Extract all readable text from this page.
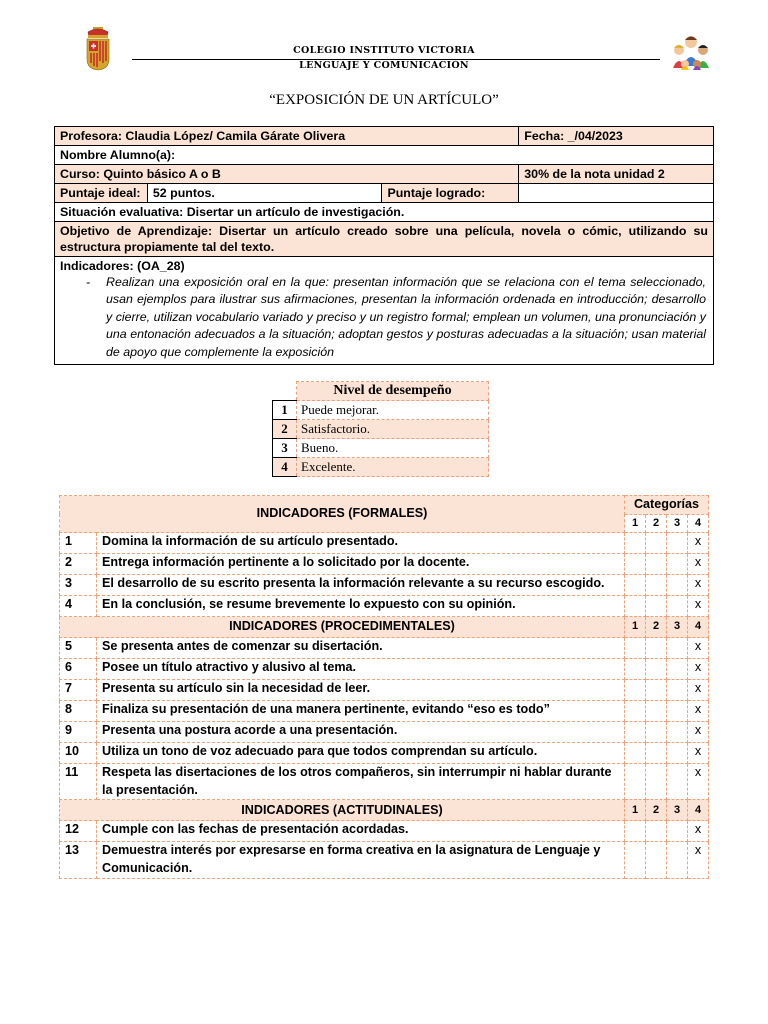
COLEGIO INSTITUTO VICTORIA
LENGUAJE Y COMUNICACIÓN
“EXPOSICIÓN DE UN ARTÍCULO”
Profesora: Claudia López/ Camila Gárate Olivera			Fecha: _/04/2023
Nombre Alumno(a):			
Curso: Quinto básico A o B			30% de la nota unidad 2
Puntaje ideal:	52 puntos.	Puntaje logrado:	
Situación evaluativa: Disertar un artículo de investigación.			
Objetivo de Aprendizaje: Disertar un artículo creado sobre una película, novela o cómic, utilizando su estructura propiamente tal del texto.			

Indicadores: (OA_28)
- Realizan una exposición oral en la que: presentan información que se relaciona con el tema seleccionado, usan ejemplos para ilustrar sus afirmaciones, presentan la información ordenada en introducción; desarrollo y cierre, utilizan vocabulario variado y preciso y un registro formal; emplean un volumen, una pronunciación y una entonación adecuados a la situación; adoptan gestos y posturas adecuadas a la situación; usan material de apoyo que complemente la exposición			
	Nivel de desempeño
1	Puede mejorar.
2	Satisfactorio.
3	Bueno.
4	Excelente.
INDICADORES (FORMALES)		Categorías			
		1	2	3	4
1	Domina la información de su artículo presentado.				x
2	Entrega información pertinente a lo solicitado por la docente.				x
3	El desarrollo de su escrito presenta la información relevante a su recurso escogido.				x
4	En la conclusión, se resume brevemente lo expuesto con su opinión.				x
INDICADORES (PROCEDIMENTALES)		1	2	3	4
5	Se presenta antes de comenzar su disertación.				x
6	Posee un título atractivo y alusivo al tema.				x
7	Presenta su artículo sin la necesidad de leer.				x
8	Finaliza su presentación de una manera pertinente, evitando “eso es todo”				x
9	Presenta una postura acorde a una presentación.				x
10	Utiliza un tono de voz adecuado para que todos comprendan su artículo.				x
11	Respeta las disertaciones de los otros compañeros, sin interrumpir ni hablar durante la presentación.				x
INDICADORES (ACTITUDINALES)		1	2	3	4
12	Cumple con las fechas de presentación acordadas.				x
13	Demuestra interés por expresarse en forma creativa en la asignatura de Lenguaje y Comunicación.				x
